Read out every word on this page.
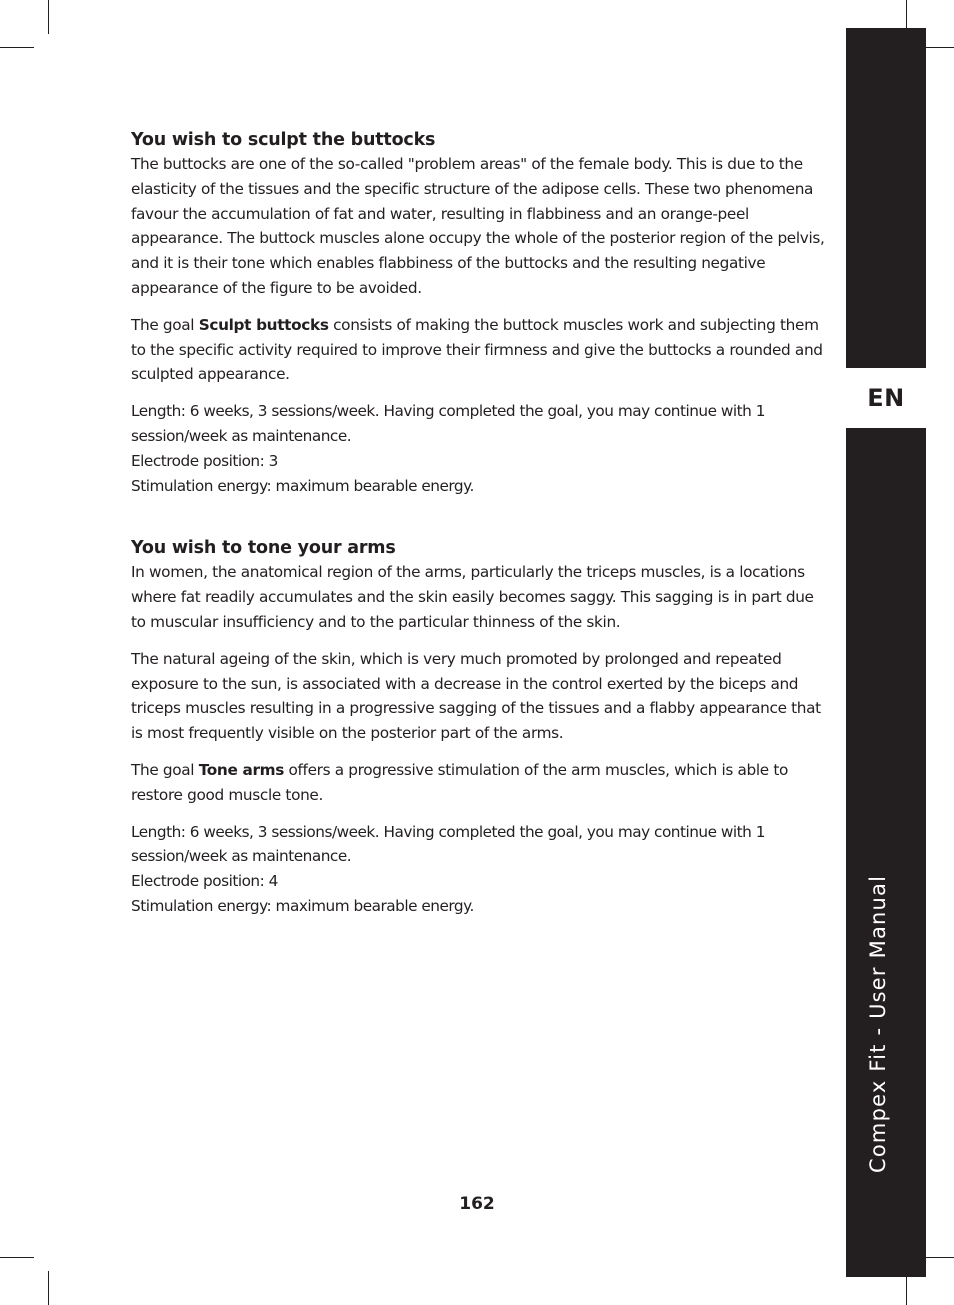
EN
Compex Fit - User Manual
You wish to sculpt the buttocks

The buttocks are one of the so-called "problem areas" of the female body. This is due to the elasticity of the tissues and the specific structure of the adipose cells. These two phenomena favour the accumulation of fat and water, resulting in flabbiness and an orange-peel appearance. The buttock muscles alone occupy the whole of the posterior region of the pelvis, and it is their tone which enables flabbiness of the buttocks and the resulting negative appearance of the figure to be avoided.

The goal Sculpt buttocks consists of making the buttock muscles work and subjecting them to the specific activity required to improve their firmness and give the buttocks a rounded and sculpted appearance.

Length: 6 weeks, 3 sessions/week. Having completed the goal, you may continue with 1 session/week as maintenance.
Electrode position: 3
Stimulation energy: maximum bearable energy.

You wish to tone your arms

In women, the anatomical region of the arms, particularly the triceps muscles, is a locations where fat readily accumulates and the skin easily becomes saggy. This sagging is in part due to muscular insufficiency and to the particular thinness of the skin.

The natural ageing of the skin, which is very much promoted by prolonged and repeated exposure to the sun, is associated with a decrease in the control exerted by the biceps and triceps muscles resulting in a progressive sagging of the tissues and a flabby appearance that is most frequently visible on the posterior part of the arms.

The goal Tone arms offers a progressive stimulation of the arm muscles, which is able to restore good muscle tone.

Length: 6 weeks, 3 sessions/week. Having completed the goal, you may continue with 1 session/week as maintenance.
Electrode position: 4
Stimulation energy: maximum bearable energy.

162
